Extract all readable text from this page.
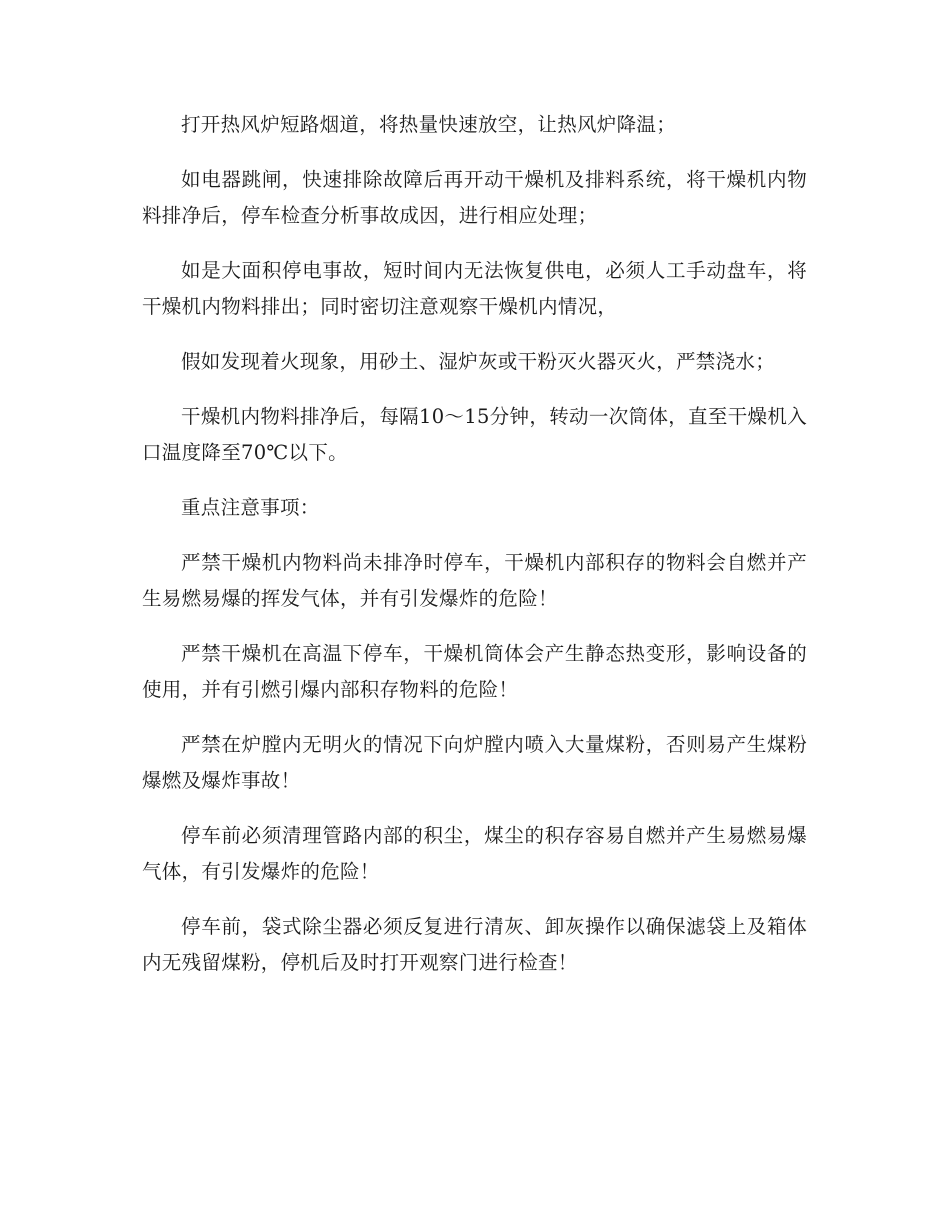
打开热风炉短路烟道，将热量快速放空，让热风炉降温；

如电器跳闸，快速排除故障后再开动干燥机及排料系统，将干燥机内物料排净后，停车检查分析事故成因，进行相应处理；

如是大面积停电事故，短时间内无法恢复供电，必须人工手动盘车，将干燥机内物料排出；同时密切注意观察干燥机内情况，

假如发现着火现象，用砂土、湿炉灰或干粉灭火器灭火，严禁浇水；

干燥机内物料排净后，每隔10～15分钟，转动一次筒体，直至干燥机入口温度降至70℃以下。

重点注意事项：

严禁干燥机内物料尚未排净时停车，干燥机内部积存的物料会自燃并产生易燃易爆的挥发气体，并有引发爆炸的危险！

严禁干燥机在高温下停车，干燥机筒体会产生静态热变形，影响设备的使用，并有引燃引爆内部积存物料的危险！

严禁在炉膛内无明火的情况下向炉膛内喷入大量煤粉，否则易产生煤粉爆燃及爆炸事故！

停车前必须清理管路内部的积尘，煤尘的积存容易自燃并产生易燃易爆气体，有引发爆炸的危险！

停车前，袋式除尘器必须反复进行清灰、卸灰操作以确保滤袋上及箱体内无残留煤粉，停机后及时打开观察门进行检查！
